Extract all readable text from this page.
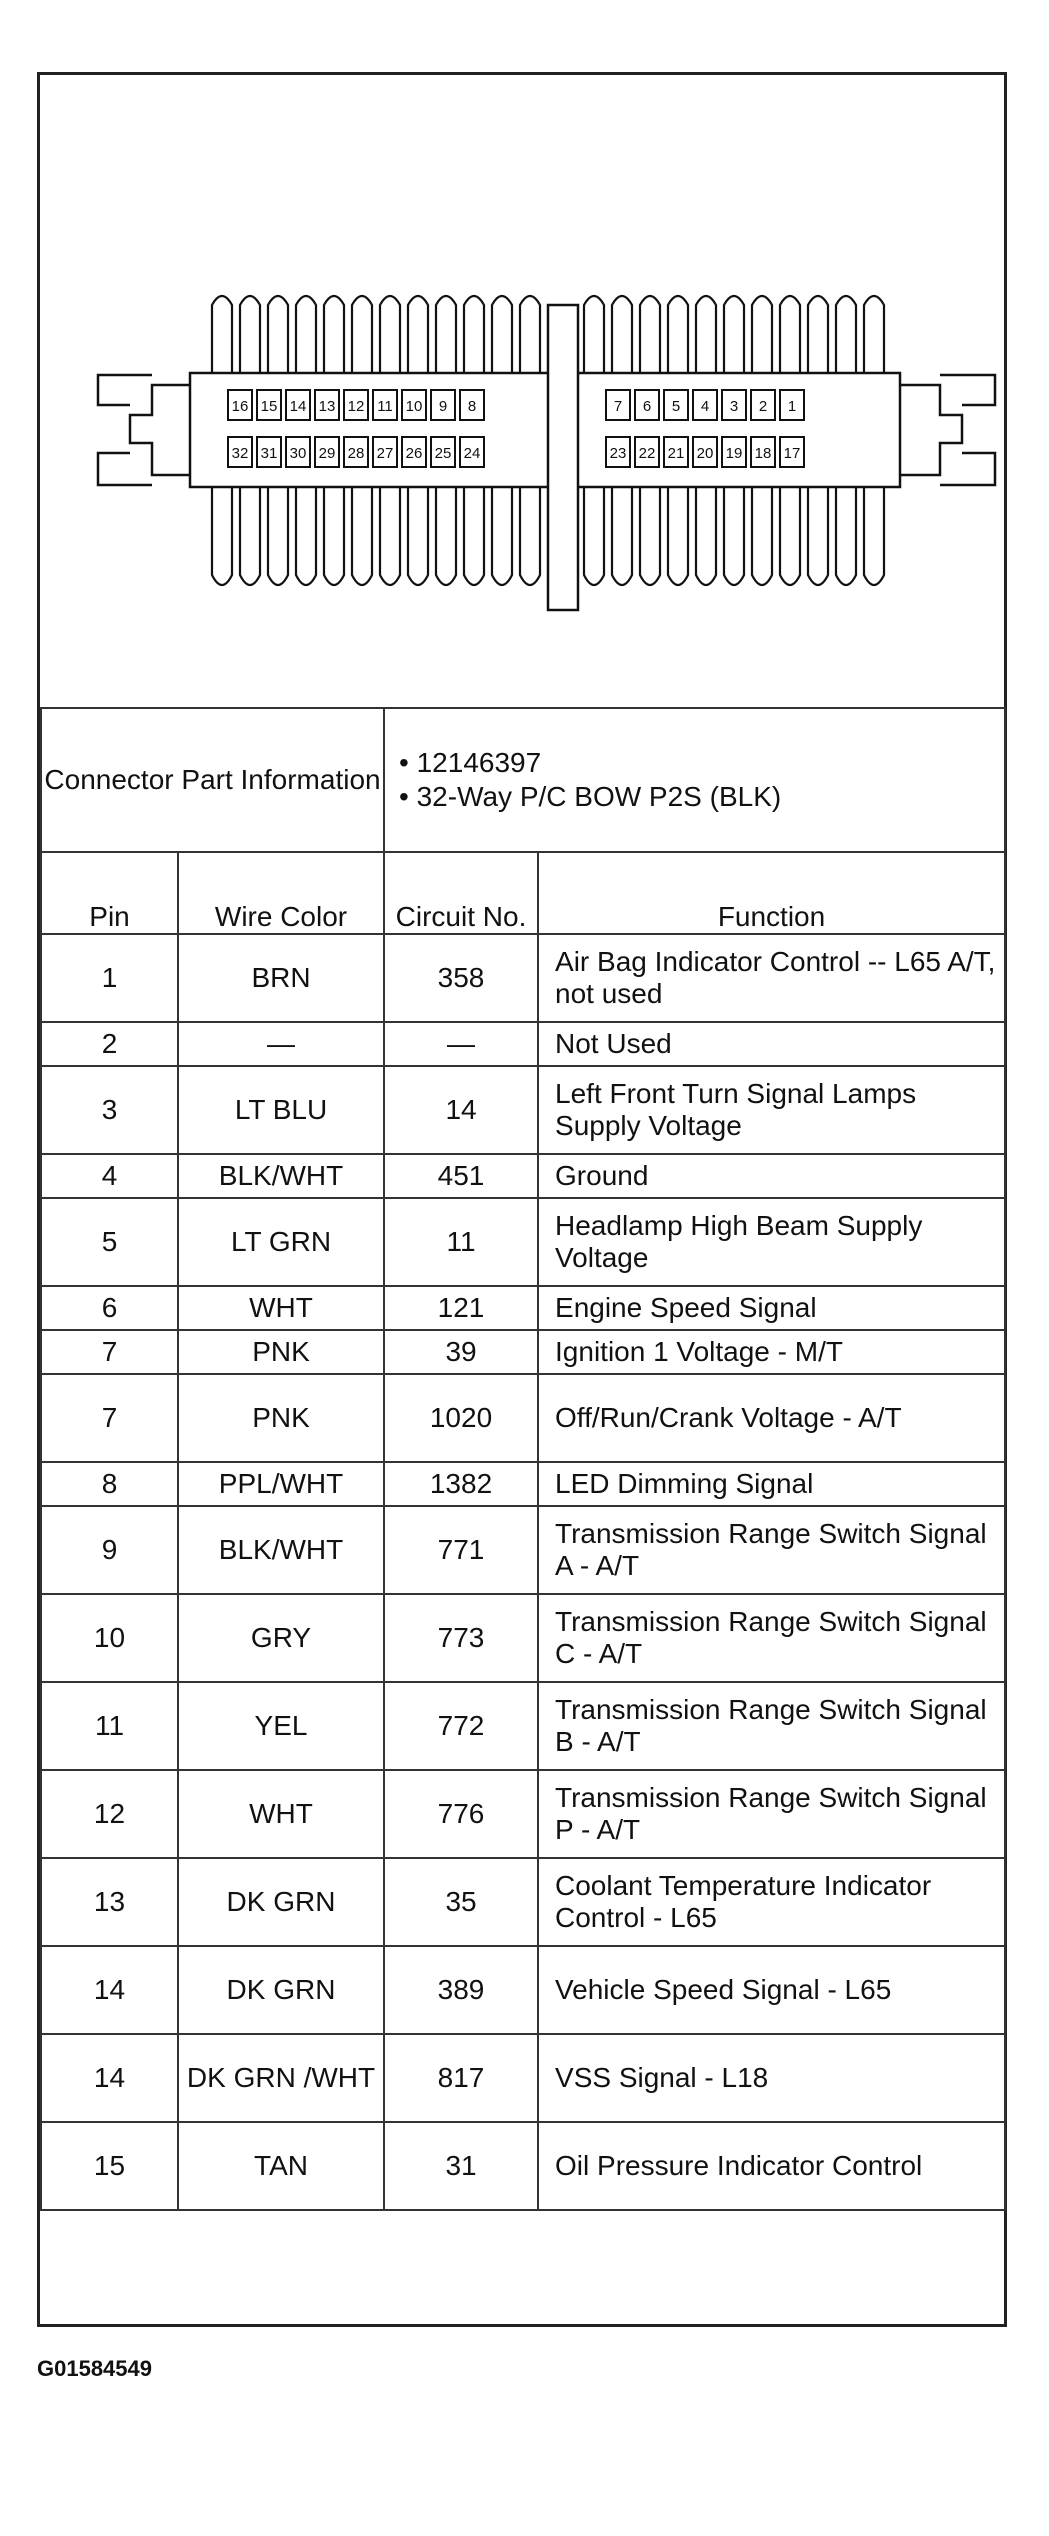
16 15 14 13 12 11 10 9 8	7 6 5 4 3 2 1
32 31 30 29 28 27 26 25 24	23 22 21 20 19 18 17
Connector Part Information		• 12146397
• 32-Way P/C BOW P2S (BLK)	

Pin	Wire Color	Circuit No.	Function
1	BRN	358	Air Bag Indicator Control -- L65 A/T, not used
2	—	—	Not Used
3	LT BLU	14	Left Front Turn Signal Lamps Supply Voltage
4	BLK/WHT	451	Ground
5	LT GRN	11	Headlamp High Beam Supply Voltage
6	WHT	121	Engine Speed Signal
7	PNK	39	Ignition 1 Voltage - M/T
7	PNK	1020	Off/Run/Crank Voltage - A/T
8	PPL/WHT	1382	LED Dimming Signal
9	BLK/WHT	771	Transmission Range Switch Signal A - A/T
10	GRY	773	Transmission Range Switch Signal C - A/T
11	YEL	772	Transmission Range Switch Signal B - A/T
12	WHT	776	Transmission Range Switch Signal P - A/T
13	DK GRN	35	Coolant Temperature Indicator Control - L65
14	DK GRN	389	Vehicle Speed Signal - L65
14	DK GRN /WHT	817	VSS Signal - L18
15	TAN	31	Oil Pressure Indicator Control
G01584549
